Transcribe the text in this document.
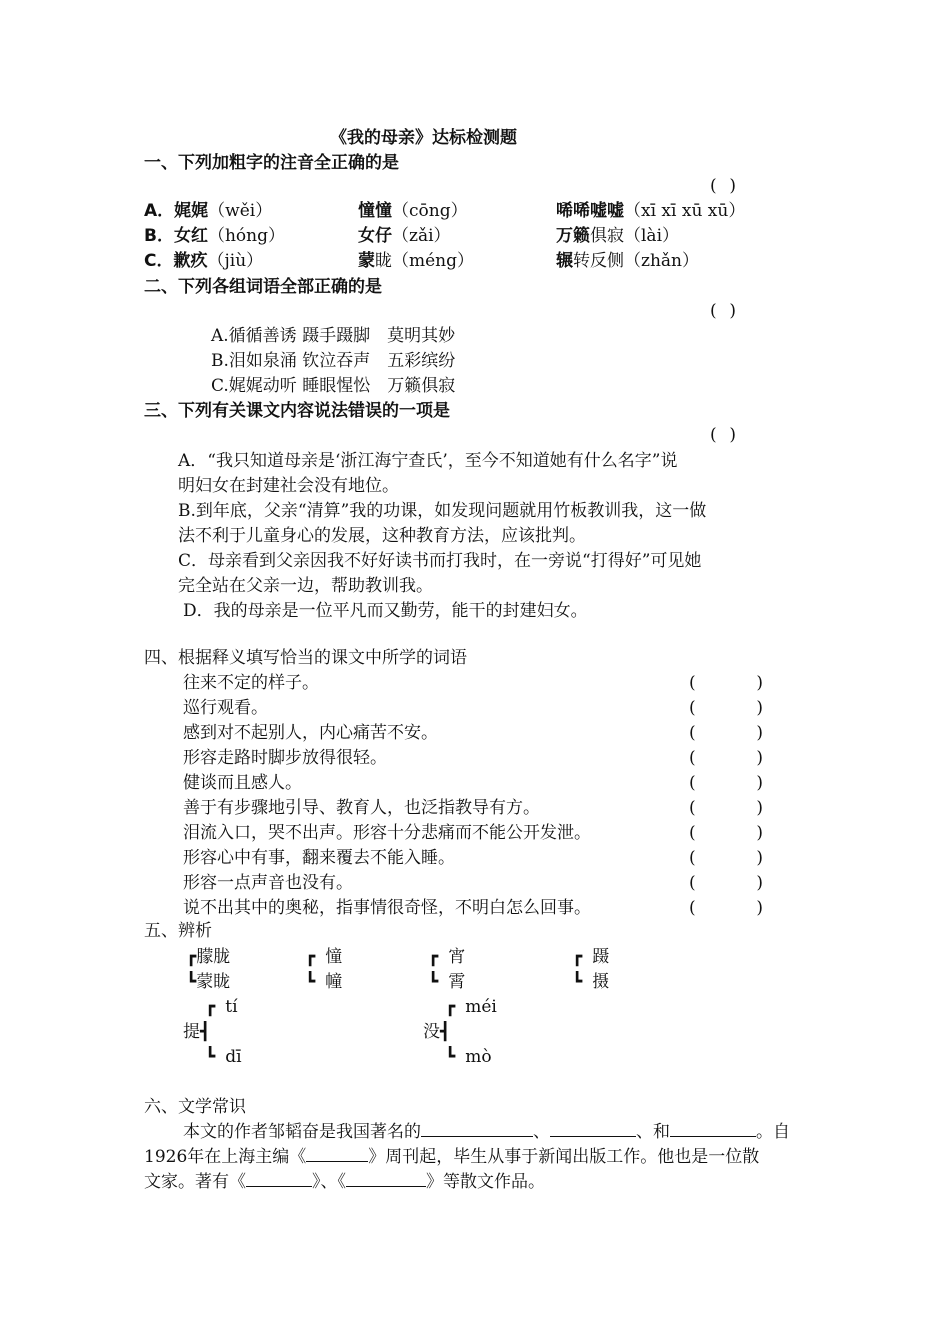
《我的母亲》达标检测题
一、下列加粗字的注音全正确的是
( )
A．娓娓（wěi）	憧憧（cōng）	唏唏嘘嘘（xī xī xū xū）
B．女红（hóng）	女仔（zǎi）	万籁俱寂（lài）
C．歉疚（jiù）	蒙眬（méng）	辗转反侧（zhǎn）
二、下列各组词语全部正确的是
( )
A.循循善诱 蹑手蹑脚　莫明其妙
B.泪如泉涌 钦泣吞声　五彩缤纷
C.娓娓动听 睡眼惺忪　万籁俱寂
三、下列有关课文内容说法错误的一项是
( )
A．“我只知道母亲是‘浙江海宁查氏’，至今不知道她有什么名字”说
明妇女在封建社会没有地位。
B.到年底，父亲“清算”我的功课，如发现问题就用竹板教训我，这一做
法不利于儿童身心的发展，这种教育方法，应该批判。
C．母亲看到父亲因我不好好读书而打我时，在一旁说“打得好”可见她
完全站在父亲一边，帮助教训我。
D．我的母亲是一位平凡而又勤劳，能干的封建妇女。
四、根据释义填写恰当的课文中所学的词语
往来不定的样子。	(	)
巡行观看。	(	)
感到对不起别人，内心痛苦不安。	(	)
形容走路时脚步放得很轻。	(	)
健谈而且感人。	(	)
善于有步骤地引导、教育人，也泛指教导有方。	(	)
泪流入口，哭不出声。形容十分悲痛而不能公开发泄。	(	)
形容心中有事，翻来覆去不能入睡。	(	)
形容一点声音也没有。	(	)
说不出其中的奥秘，指事情很奇怪，不明白怎么回事。	(	)
五、辨析
┏朦胧
┗蒙眬
┏ 憧
┗ 幢
┏ 宵
┗ 霄
┏ 蹑
┗ 摄
┏ tí
提┫
┗ dī
┏ méi
没┫
┗ mò
六、文学常识
本文的作者邹韬奋是我国著名的	、	、和	。自
1926年在上海主编《	》周刊起，毕生从事于新闻出版工作。他也是一位散
文家。著有《	》、《	》等散文作品。
